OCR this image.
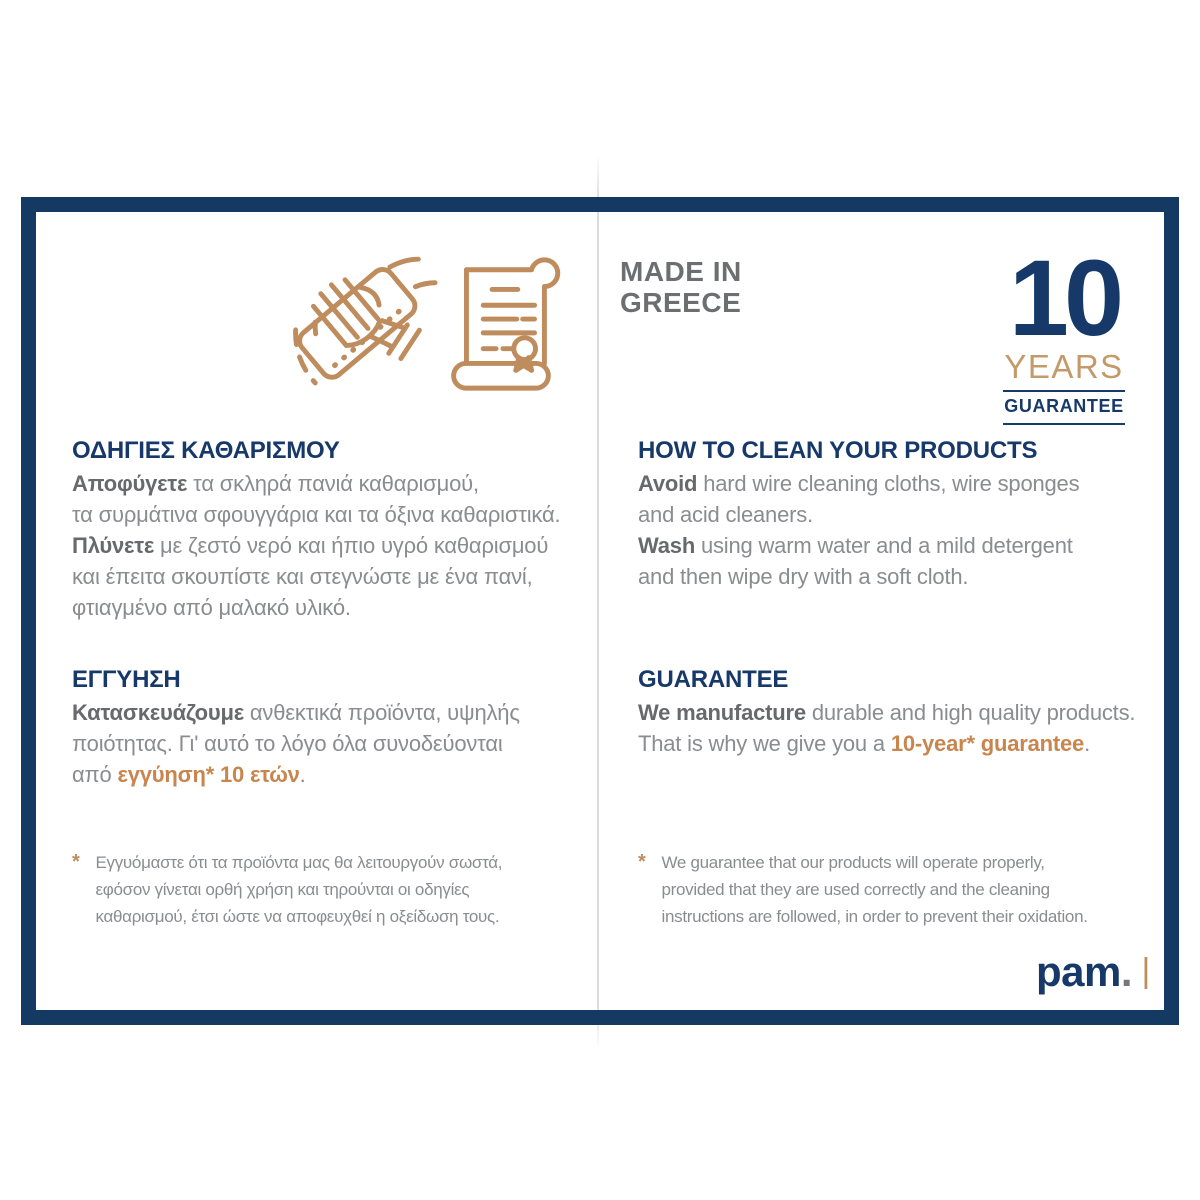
MADE IN
GREECE 10
YEARS
GUARANTEE
ΟΔΗΓΙΕΣ ΚΑΘΑΡΙΣΜΟΥ
Αποφύγετε τα σκληρά πανιά καθαρισμού,
τα συρμάτινα σφουγγάρια και τα όξινα καθαριστικά.
Πλύνετε με ζεστό νερό και ήπιο υγρό καθαρισμού
και έπειτα σκουπίστε και στεγνώστε με ένα πανί,
φτιαγμένο από μαλακό υλικό.
ΕΓΓΥΗΣΗ
Κατασκευάζουμε ανθεκτικά προϊόντα, υψηλής
ποιότητας. Γι' αυτό το λόγο όλα συνοδεύονται
από εγγύηση* 10 ετών.
* Εγγυόμαστε ότι τα προϊόντα μας θα λειτουργούν σωστά,
εφόσον γίνεται ορθή χρήση και τηρούνται οι οδηγίες
καθαρισμού, έτσι ώστε να αποφευχθεί η οξείδωση τους.
HOW TO CLEAN YOUR PRODUCTS
Avoid hard wire cleaning cloths, wire sponges
and acid cleaners.
Wash using warm water and a mild detergent
and then wipe dry with a soft cloth.
GUARANTEE
We manufacture durable and high quality products.
That is why we give you a 10-year* guarantee.
* We guarantee that our products will operate properly,
provided that they are used correctly and the cleaning
instructions are followed, in order to prevent their oxidation.
pam . |
